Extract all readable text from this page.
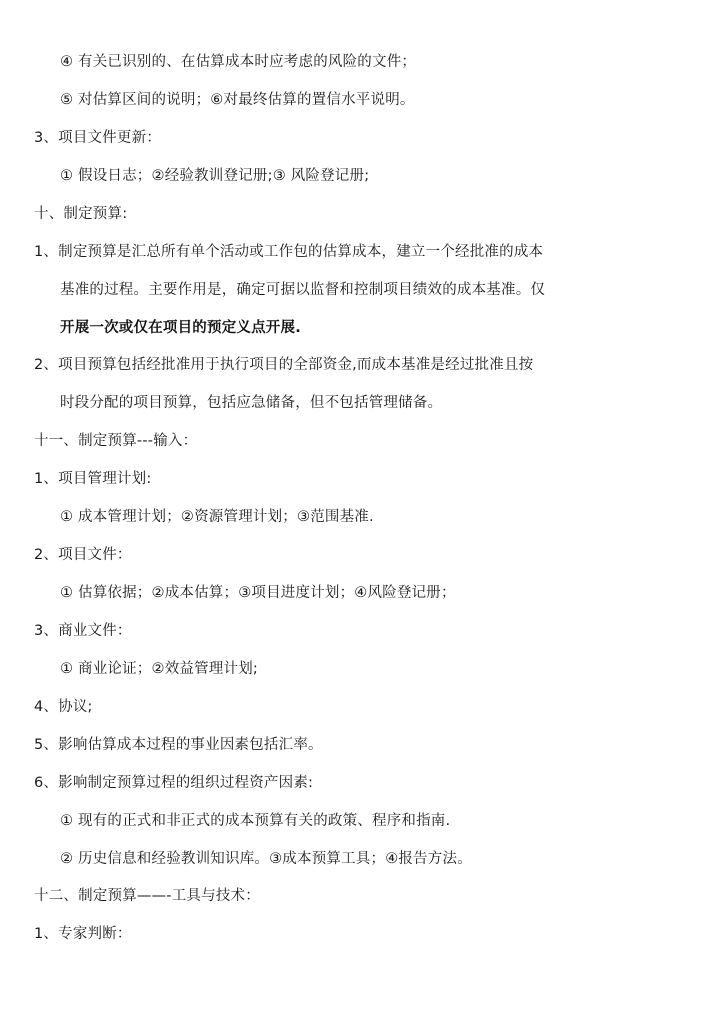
④ 有关已识别的、在估算成本时应考虑的风险的文件；
⑤ 对估算区间的说明；⑥对最终估算的置信水平说明。
3、项目文件更新：
① 假设日志；②经验教训登记册;③ 风险登记册;
十、制定预算:
1、制定预算是汇总所有单个活动或工作包的估算成本，建立一个经批准的成本
基准的过程。主要作用是，确定可据以监督和控制项目绩效的成本基准。仅
开展一次或仅在项目的预定义点开展.
2、项目预算包括经批准用于执行项目的全部资金,而成本基准是经过批准且按
时段分配的项目预算，包括应急储备，但不包括管理储备。
十一、制定预算---输入：
1、项目管理计划:
① 成本管理计划；②资源管理计划；③范围基准.
2、项目文件：
① 估算依据；②成本估算；③项目进度计划；④风险登记册；
3、商业文件：
① 商业论证；②效益管理计划;
4、协议;
5、影响估算成本过程的事业因素包括汇率。
6、影响制定预算过程的组织过程资产因素:
① 现有的正式和非正式的成本预算有关的政策、程序和指南.
② 历史信息和经验教训知识库。③成本预算工具；④报告方法。
十二、制定预算——-工具与技术：
1、专家判断：
